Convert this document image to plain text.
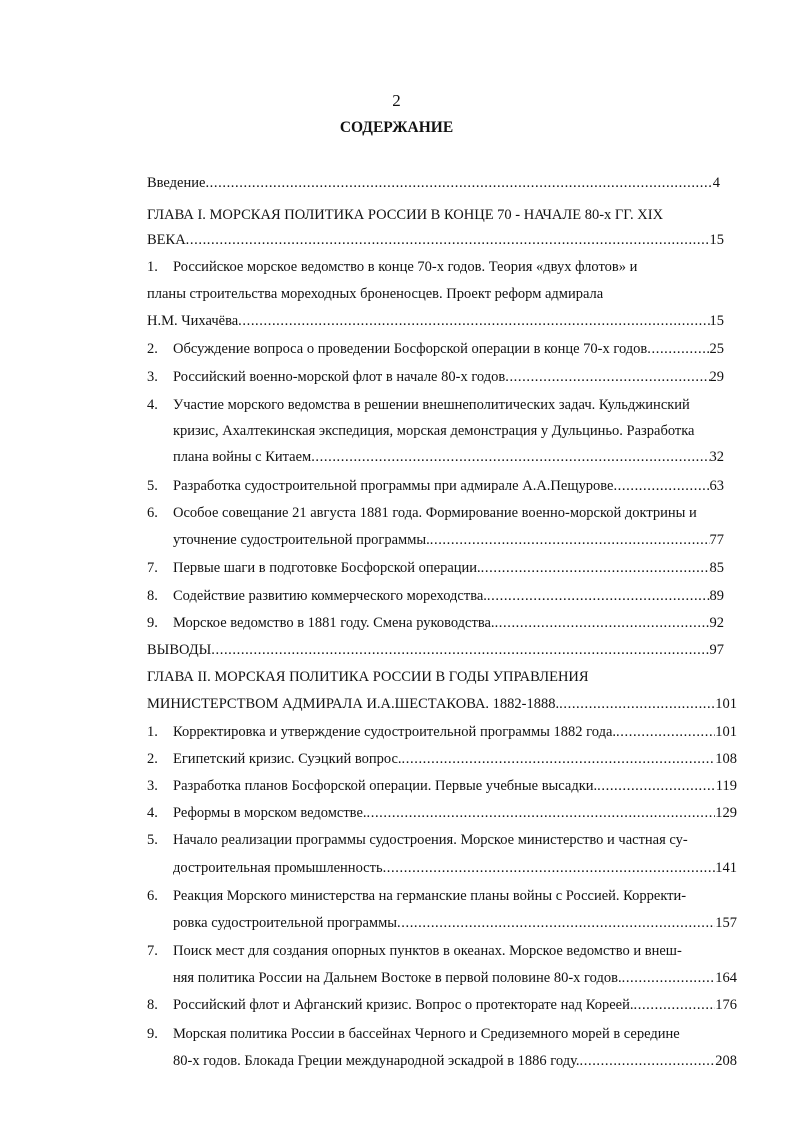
2
СОДЕРЖАНИЕ
Введение .....	4
ГЛАВА I. МОРСКАЯ ПОЛИТИКА РОССИИ В КОНЦЕ 70 - НАЧАЛЕ 80-х ГГ. XIX
ВЕКА .....	15
1. Российское морское ведомство в конце 70-х годов. Теория «двух флотов» и
планы строительства мореходных броненосцев. Проект реформ адмирала
Н.М. Чихачёва .....	15
2. Обсуждение вопроса о проведении Босфорской операции в конце 70-х годов .....	25
3. Российский военно-морской флот в начале 80-х годов .....	29
4. Участие морского ведомства в решении внешнеполитических задач. Кульджинский
кризис, Ахалтекинская экспедиция, морская демонстрация у Дульциньо. Разработка
плана войны с Китаем .....	32
5. Разработка судостроительной программы при адмирале А.А.Пещурове .....	63
6. Особое совещание 21 августа 1881 года. Формирование военно-морской доктрины и
уточнение судостроительной программы. .....	77
7. Первые шаги в подготовке Босфорской операции. .....	85
8. Содействие развитию коммерческого мореходства. .....	89
9. Морское ведомство в 1881 году. Смена руководства. .....	92
ВЫВОДЫ .....	97
ГЛАВА II. МОРСКАЯ ПОЛИТИКА РОССИИ В ГОДЫ УПРАВЛЕНИЯ
МИНИСТЕРСТВОМ АДМИРАЛА И.А.ШЕСТАКОВА. 1882-1888. .....	101
1. Корректировка и утверждение судостроительной программы 1882 года. .....	101
2. Египетский кризис. Суэцкий вопрос. .....	108
3. Разработка планов Босфорской операции. Первые учебные высадки. .....	119
4. Реформы в морском ведомстве. .....	129
5. Начало реализации программы судостроения. Морское министерство и частная су-
достроительная промышленность .....	141
6. Реакция Морского министерства на германские планы войны с Россией. Корректи-
ровка судостроительной программы .....	157
7. Поиск мест для создания опорных пунктов в океанах. Морское ведомство и внеш-
няя политика России на Дальнем Востоке в первой половине 80-х годов. .....	164
8. Российский флот и Афганский кризис. Вопрос о протекторате над Кореей. .....	176
9. Морская политика России в бассейнах Черного и Средиземного морей в середине
80-х годов. Блокада Греции международной эскадрой в 1886 году. .....	208
